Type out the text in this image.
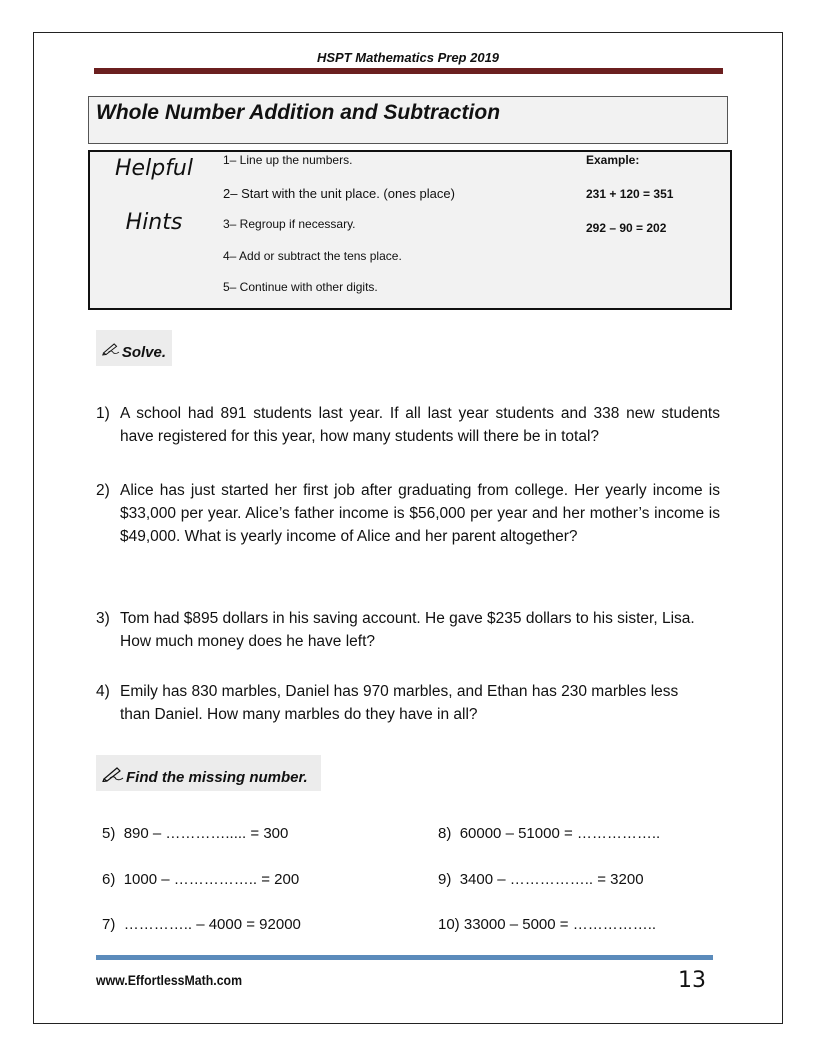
HSPT Mathematics Prep 2019
Whole Number Addition and Subtraction
Helpful
Hints
1– Line up the numbers.
2– Start with the unit place. (ones place)
3– Regroup if necessary.
4– Add or subtract the tens place.
5– Continue with other digits.
Example:
231 + 120 = 351
292 – 90 = 202
Solve.
1) A school had 891 students last year. If all last year students and 338 new students have registered for this year, how many students will there be in total?
2) Alice has just started her first job after graduating from college. Her yearly income is $33,000 per year. Alice’s father income is $56,000 per year and her mother’s income is $49,000. What is yearly income of Alice and her parent altogether?
3) Tom had $895 dollars in his saving account. He gave $235 dollars to his sister, Lisa. How much money does he have left?
4) Emily has 830 marbles, Daniel has 970 marbles, and Ethan has 230 marbles less than Daniel. How many marbles do they have in all?
Find the missing number.
5) 890 – …………..... = 300
6) 1000 – …………….. = 200
7) ………….. – 4000 = 92000
8) 60000 – 51000 = ……………..
9) 3400 – …………….. = 3200
10) 33000 – 5000 = ……………..
www.EffortlessMath.com	13
